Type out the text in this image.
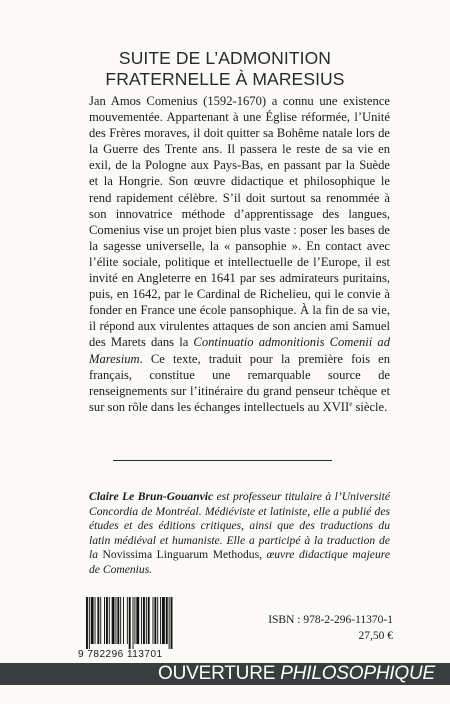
SUITE DE L’ADMONITION
FRATERNELLE À MARESIUS
Jan Amos Comenius (1592-1670) a connu une existence mouvementée. Appartenant à une Église réformée, l’Unité des Frères moraves, il doit quitter sa Bohême natale lors de la Guerre des Trente ans. Il passera le reste de sa vie en exil, de la Pologne aux Pays-Bas, en passant par la Suède et la Hongrie. Son œuvre didactique et philosophique le rend rapidement célèbre. S’il doit surtout sa renommée à son innovatrice méthode d’apprentissage des langues, Comenius vise un projet bien plus vaste : poser les bases de la sagesse universelle, la « pansophie ». En contact avec l’élite sociale, politique et intellectuelle de l’Europe, il est invité en Angleterre en 1641 par ses admirateurs puritains, puis, en 1642, par le Cardinal de Richelieu, qui le convie à fonder en France une école pansophique. À la fin de sa vie, il répond aux virulentes attaques de son ancien ami Samuel des Marets dans la Continuatio admonitionis Comenii ad Maresium. Ce texte, traduit pour la première fois en français, constitue une remarquable source de renseignements sur l’itinéraire du grand penseur tchèque et sur son rôle dans les échanges intellectuels au XVIIe siècle.
Claire Le Brun-Gouanvic est professeur titulaire à l’Université Concordia de Montréal. Médiéviste et latiniste, elle a publié des études et des éditions critiques, ainsi que des traductions du latin médiéval et humaniste. Elle a participé à la traduction de la Novissima Linguarum Methodus, œuvre didactique majeure de Comenius.
9 782296 113701
ISBN : 978-2-296-11370-1
27,50 €
OUVERTURE PHILOSOPHIQUE
